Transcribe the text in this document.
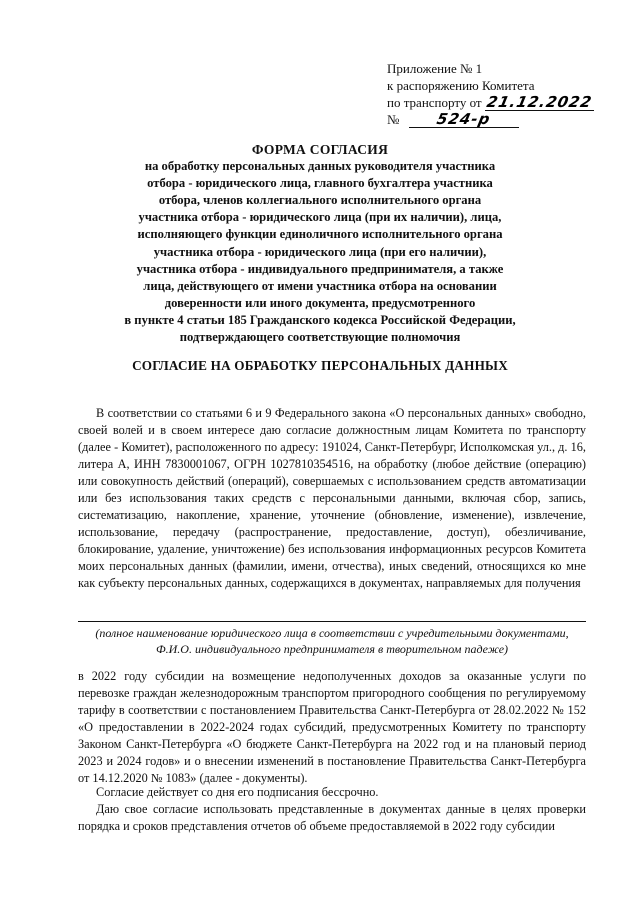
Приложение № 1
к распоряжению Комитета
по транспорту от 21.12.2022
№ 524-р
ФОРМА СОГЛАСИЯ
на обработку персональных данных руководителя участника
отбора - юридического лица, главного бухгалтера участника
отбора, членов коллегиального исполнительного органа
участника отбора - юридического лица (при их наличии), лица,
исполняющего функции единоличного исполнительного органа
участника отбора - юридического лица (при его наличии),
участника отбора - индивидуального предпринимателя, а также
лица, действующего от имени участника отбора на основании
доверенности или иного документа, предусмотренного
в пункте 4 статьи 185 Гражданского кодекса Российской Федерации,
подтверждающего соответствующие полномочия
СОГЛАСИЕ НА ОБРАБОТКУ ПЕРСОНАЛЬНЫХ ДАННЫХ
В соответствии со статьями 6 и 9 Федерального закона «О персональных данных» свободно, своей волей и в своем интересе даю согласие должностным лицам Комитета по транспорту (далее - Комитет), расположенного по адресу: 191024, Санкт-Петербург, Исполкомская ул., д. 16, литера А, ИНН 7830001067, ОГРН 1027810354516, на обработку (любое действие (операцию) или совокупность действий (операций), совершаемых с использованием средств автоматизации или без использования таких средств с персональными данными, включая сбор, запись, систематизацию, накопление, хранение, уточнение (обновление, изменение), извлечение, использование, передачу (распространение, предоставление, доступ), обезличивание, блокирование, удаление, уничтожение) без использования информационных ресурсов Комитета моих персональных данных (фамилии, имени, отчества), иных сведений, относящихся ко мне как субъекту персональных данных, содержащихся в документах, направляемых для получения
(полное наименование юридического лица в соответствии с учредительными документами, Ф.И.О. индивидуального предпринимателя в творительном падеже)
в 2022 году субсидии на возмещение недополученных доходов за оказанные услуги по перевозке граждан железнодорожным транспортом пригородного сообщения по регулируемому тарифу в соответствии с постановлением Правительства Санкт-Петербурга от 28.02.2022 № 152 «О предоставлении в 2022-2024 годах субсидий, предусмотренных Комитету по транспорту Законом Санкт-Петербурга «О бюджете Санкт-Петербурга на 2022 год и на плановый период 2023 и 2024 годов» и о внесении изменений в постановление Правительства Санкт-Петербурга от 14.12.2020 № 1083» (далее - документы).
Согласие действует со дня его подписания бессрочно.
Даю свое согласие использовать представленные в документах данные в целях проверки порядка и сроков представления отчетов об объеме предоставляемой в 2022 году субсидии
